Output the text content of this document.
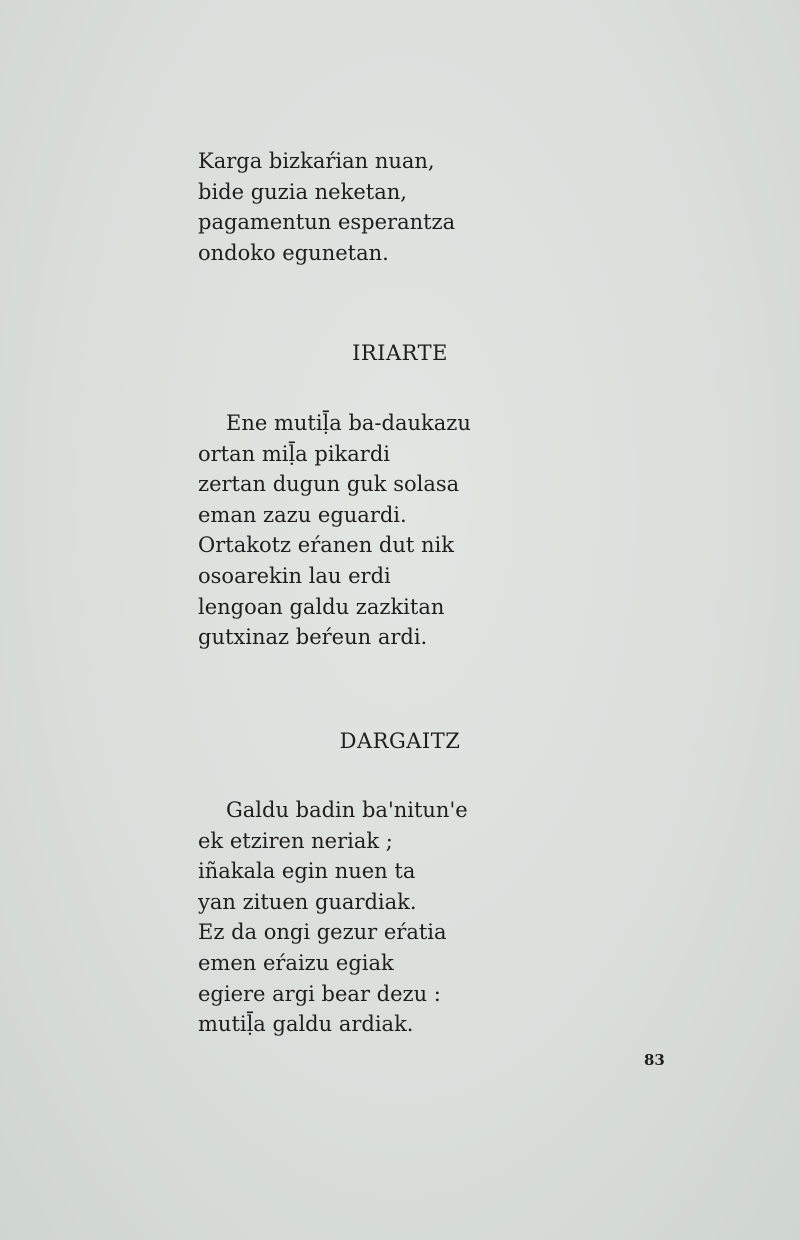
Karga bizkaŕian nuan,
bide guzia neketan,
pagamentun esperantza
ondoko egunetan.
IRIARTE
Ene mutiḹa ba-daukazu
ortan miḹa pikardi
zertan dugun guk solasa
eman zazu eguardi.
Ortakotz eŕanen dut nik
osoarekin lau erdi
lengoan galdu zazkitan
gutxinaz beŕeun ardi.
DARGAITZ
Galdu badin ba'nitun'e
ek etziren neriak ;
iñakala egin nuen ta
yan zituen guardiak.
Ez da ongi gezur eŕatia
emen eŕaizu egiak
egiere argi bear dezu :
mutiḹa galdu ardiak.
83
